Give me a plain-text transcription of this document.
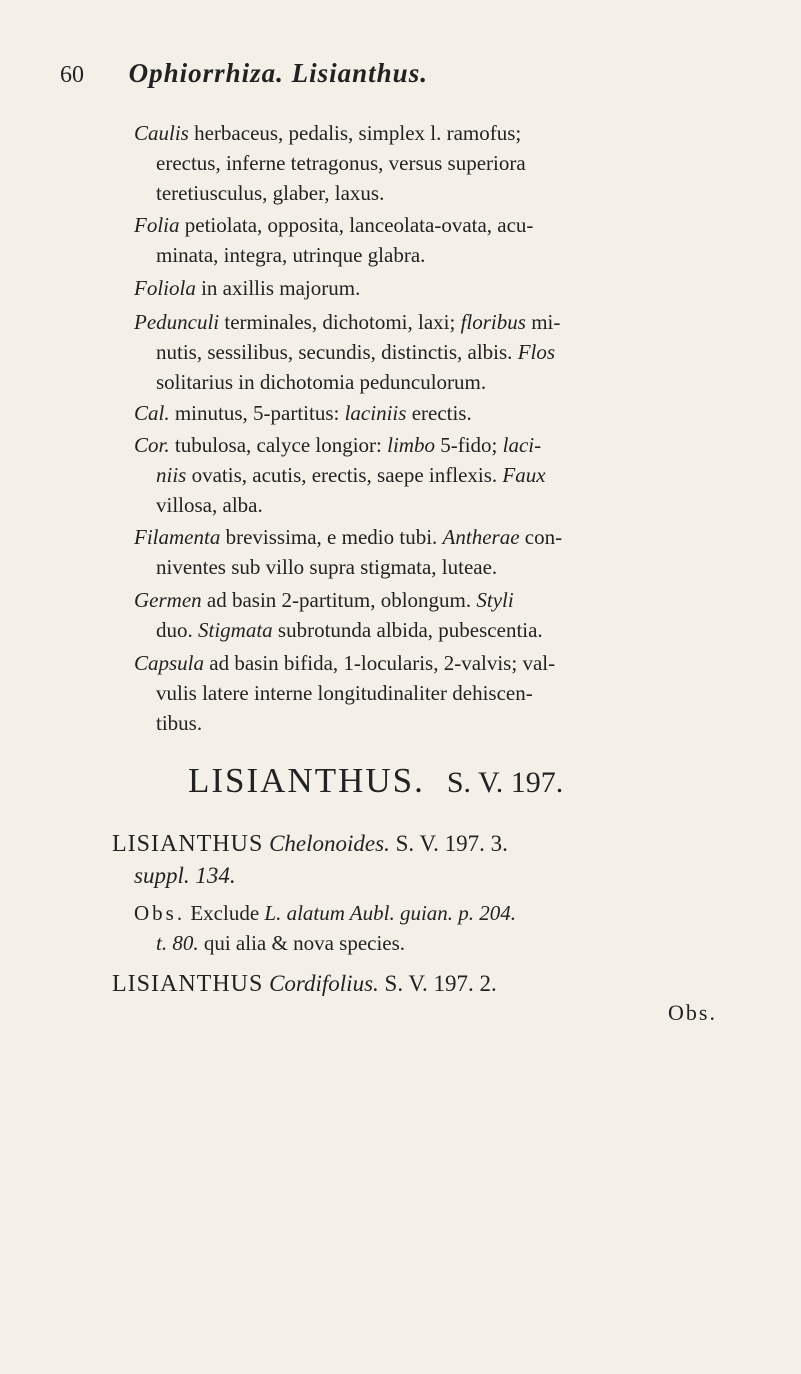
60 Ophiorrhiza. Lisianthus.
Caulis herbaceus, pedalis, simplex l. ramofus;
erectus, inferne tetragonus, versus superiora
teretiusculus, glaber, laxus.
Folia petiolata, opposita, lanceolata-ovata, acu-
minata, integra, utrinque glabra.
Foliola in axillis majorum.
Pedunculi terminales, dichotomi, laxi; floribus mi-
nutis, sessilibus, secundis, distinctis, albis. Flos
solitarius in dichotomia pedunculorum.
Cal. minutus, 5-partitus: laciniis erectis.
Cor. tubulosa, calyce longior: limbo 5-fido; laci-
niis ovatis, acutis, erectis, saepe inflexis. Faux
villosa, alba.
Filamenta brevissima, e medio tubi. Antherae con-
niventes sub villo supra stigmata, luteae.
Germen ad basin 2-partitum, oblongum. Styli
duo. Stigmata subrotunda albida, pubescentia.
Capsula ad basin bifida, 1-locularis, 2-valvis; val-
vulis latere interne longitudinaliter dehiscen-
tibus.
LISIANTHUS. S. V. 197.
LISIANTHUS Chelonoides. S. V. 197. 3.
suppl. 134.
Obs. Exclude L. alatum Aubl. guian. p. 204.
t. 80. qui alia & nova species.
LISIANTHUS Cordifolius. S. V. 197. 2.
Obs.
